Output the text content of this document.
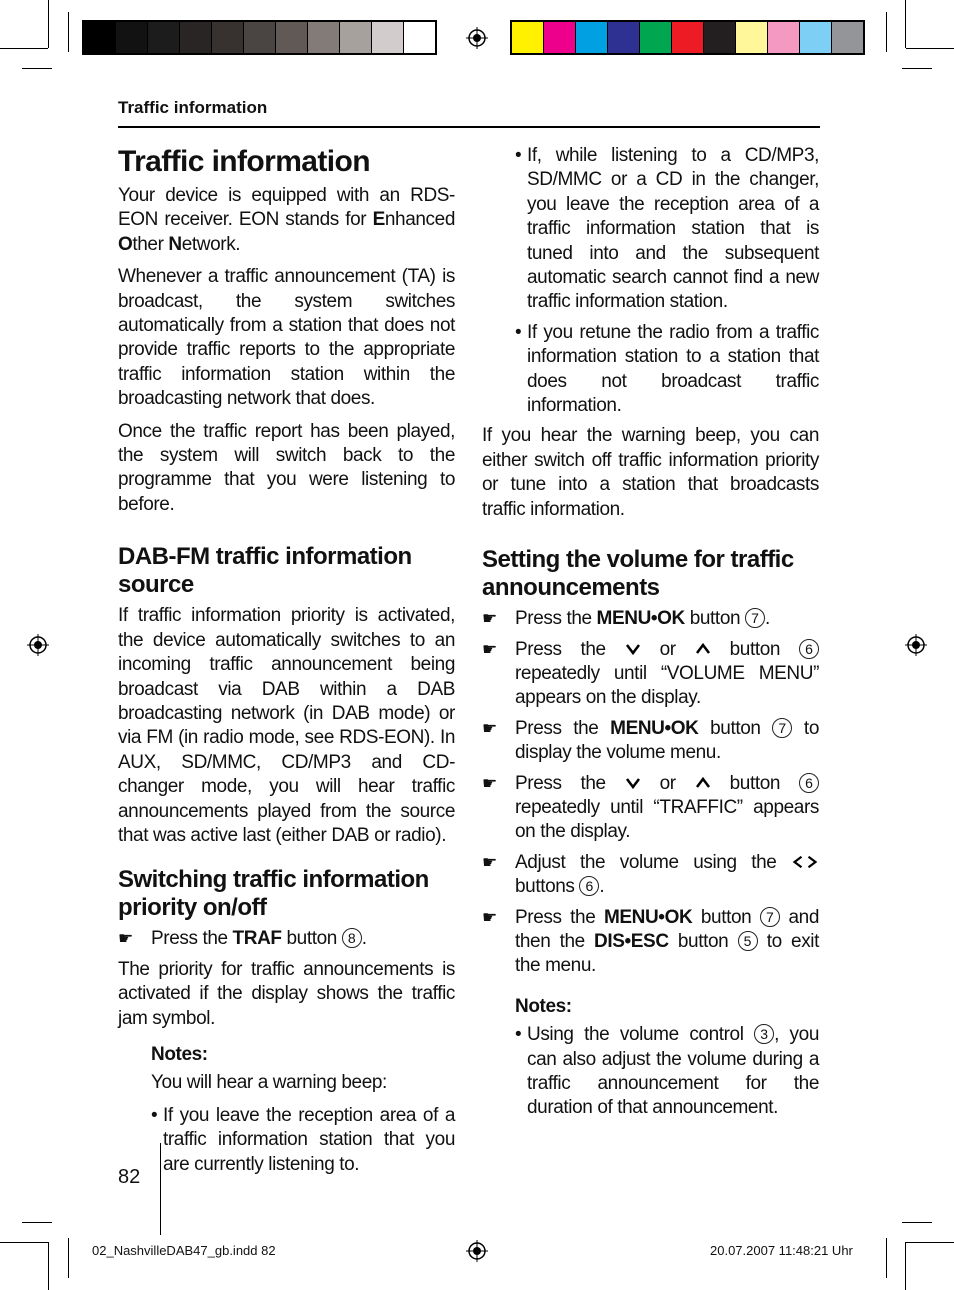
Traffic information
Traffic information

Your device is equipped with an RDS-EON receiver. EON stands for Enhanced Other Network.

Whenever a traffic announcement (TA) is broadcast, the system switches automatically from a station that does not provide traffic reports to the appropriate traffic information station within the broadcasting network that does.

Once the traffic report has been played, the system will switch back to the programme that you were listening to before.

DAB-FM traffic information source

If traffic information priority is activated, the device automatically switches to an incoming traffic announcement being broadcast via DAB within a DAB broadcasting network (in DAB mode) or via FM (in radio mode, see RDS-EON). In AUX, SD/MMC, CD/MP3 and CD-changer mode, you will hear traffic announcements played from the source that was active last (either DAB or radio).

Switching traffic information priority on/off
☛ Press the TRAF button 8 .

The priority for traffic announcements is activated if the display shows the traffic jam symbol.

Notes:

You will hear a warning beep:

• If you leave the reception area of a traffic information station that you are currently listening to.
• If, while listening to a CD/MP3, SD/MMC or a CD in the changer, you leave the reception area of a traffic information station that is tuned into and the subsequent automatic search cannot find a new traffic information station.
• If you retune the radio from a traffic information station to a station that does not broadcast traffic information.

If you hear the warning beep, you can either switch off traffic information priority or tune into a station that broadcasts traffic information.

Setting the volume for traffic announcements
☛ Press the MENU•OK button 7 .
☛ Press the  or  button 6 repeatedly until “VOLUME MENU” appears on the display.
☛ Press the MENU•OK button 7 to display the volume menu.
☛ Press the  or  button 6 repeatedly until “TRAFFIC” appears on the display.
☛ Adjust the volume using the  buttons 6 .
☛ Press the MENU•OK button 7 and then the DIS•ESC button 5 to exit the menu.
Notes:
• Using the volume control 3 , you can also adjust the volume during a traffic announcement for the duration of that announcement.
82
02_NashvilleDAB47_gb.indd 82	20.07.2007 11:48:21 Uhr
